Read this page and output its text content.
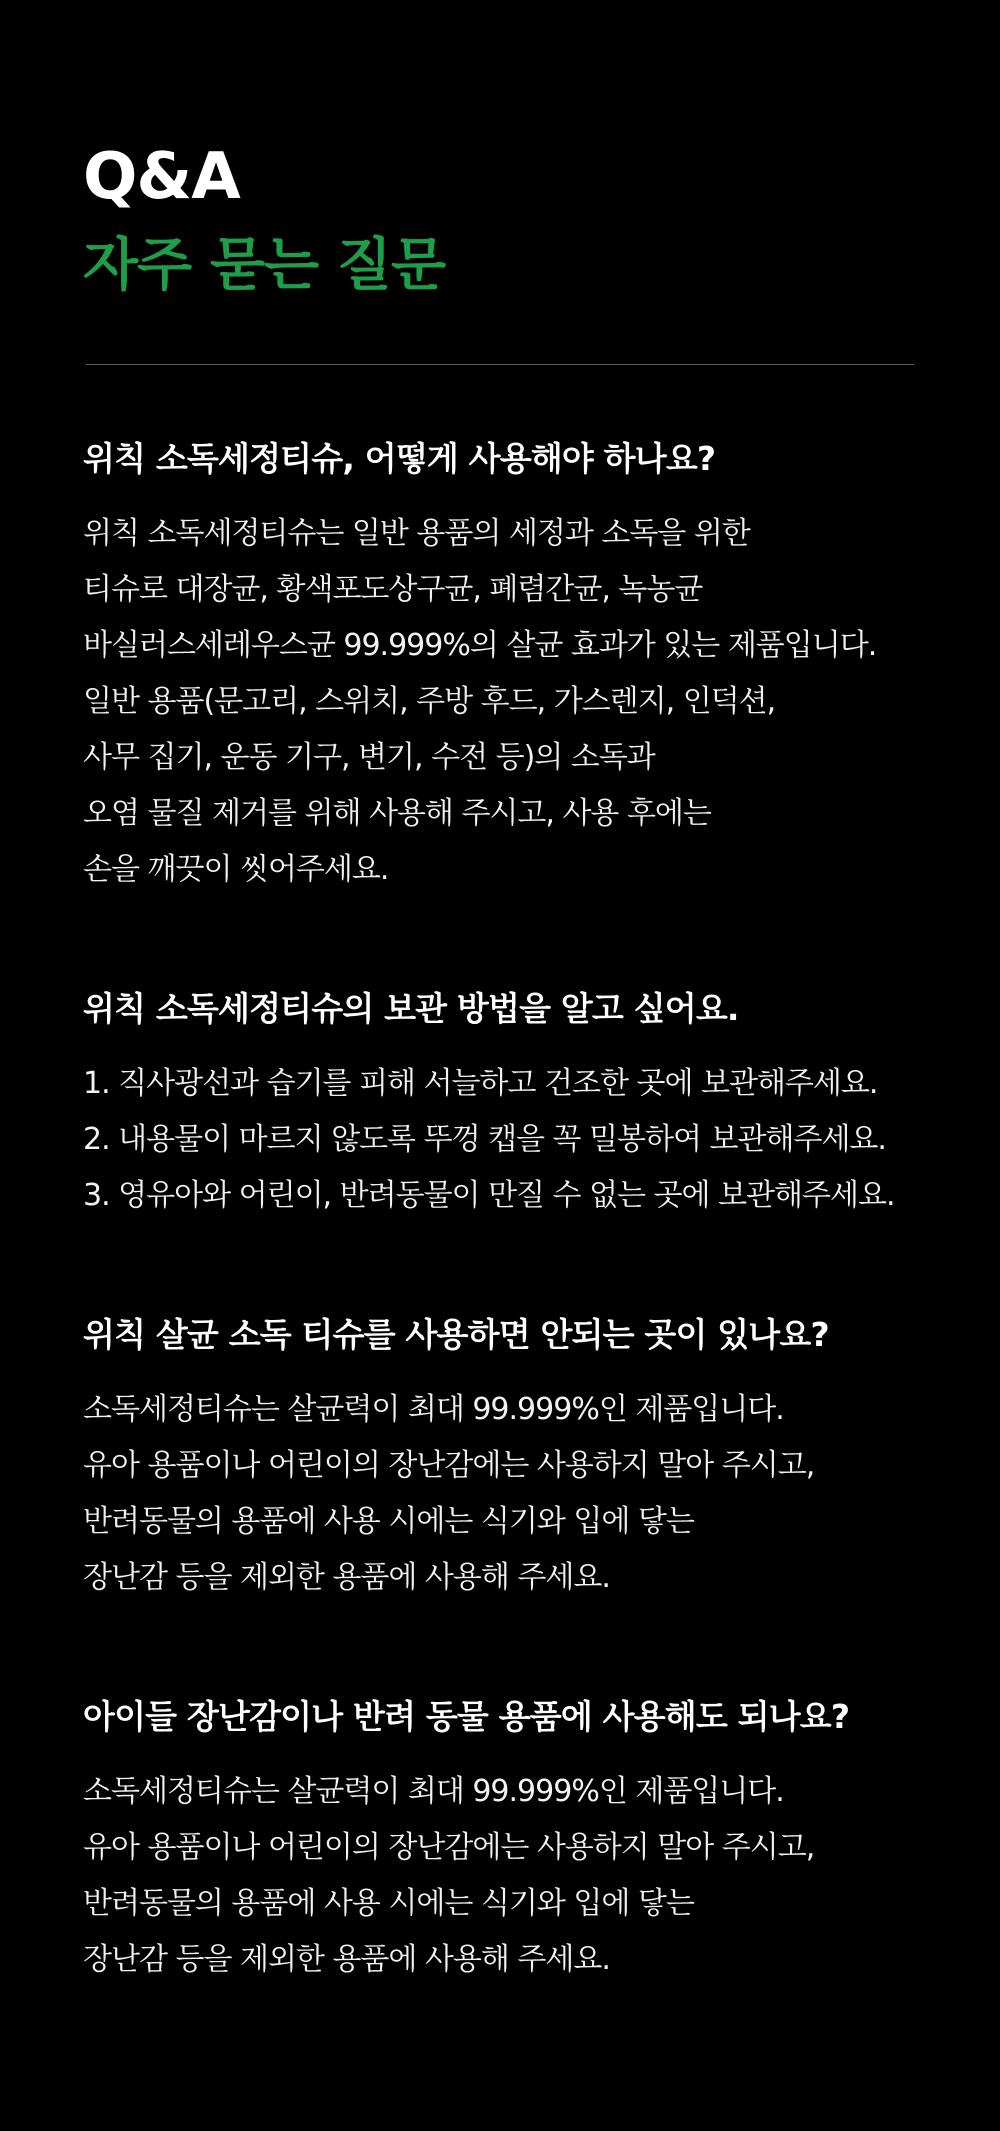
Q&A
자주 묻는 질문
위칙 소독세정티슈, 어떻게 사용해야 하나요?
위칙 소독세정티슈는 일반 용품의 세정과 소독을 위한
티슈로 대장균, 황색포도상구균, 폐렴간균, 녹농균
바실러스세레우스균 99.999%의 살균 효과가 있는 제품입니다.
일반 용품(문고리, 스위치, 주방 후드, 가스렌지, 인덕션,
사무 집기, 운동 기구, 변기, 수전 등)의 소독과
오염 물질 제거를 위해 사용해 주시고, 사용 후에는
손을 깨끗이 씻어주세요.
위칙 소독세정티슈의 보관 방법을 알고 싶어요.
1. 직사광선과 습기를 피해 서늘하고 건조한 곳에 보관해주세요.
2. 내용물이 마르지 않도록 뚜껑 캡을 꼭 밀봉하여 보관해주세요.
3. 영유아와 어린이, 반려동물이 만질 수 없는 곳에 보관해주세요.
위칙 살균 소독 티슈를 사용하면 안되는 곳이 있나요?
소독세정티슈는 살균력이 최대 99.999%인 제품입니다.
유아 용품이나 어린이의 장난감에는 사용하지 말아 주시고,
반려동물의 용품에 사용 시에는 식기와 입에 닿는
장난감 등을 제외한 용품에 사용해 주세요.
아이들 장난감이나 반려 동물 용품에 사용해도 되나요?
소독세정티슈는 살균력이 최대 99.999%인 제품입니다.
유아 용품이나 어린이의 장난감에는 사용하지 말아 주시고,
반려동물의 용품에 사용 시에는 식기와 입에 닿는
장난감 등을 제외한 용품에 사용해 주세요.
